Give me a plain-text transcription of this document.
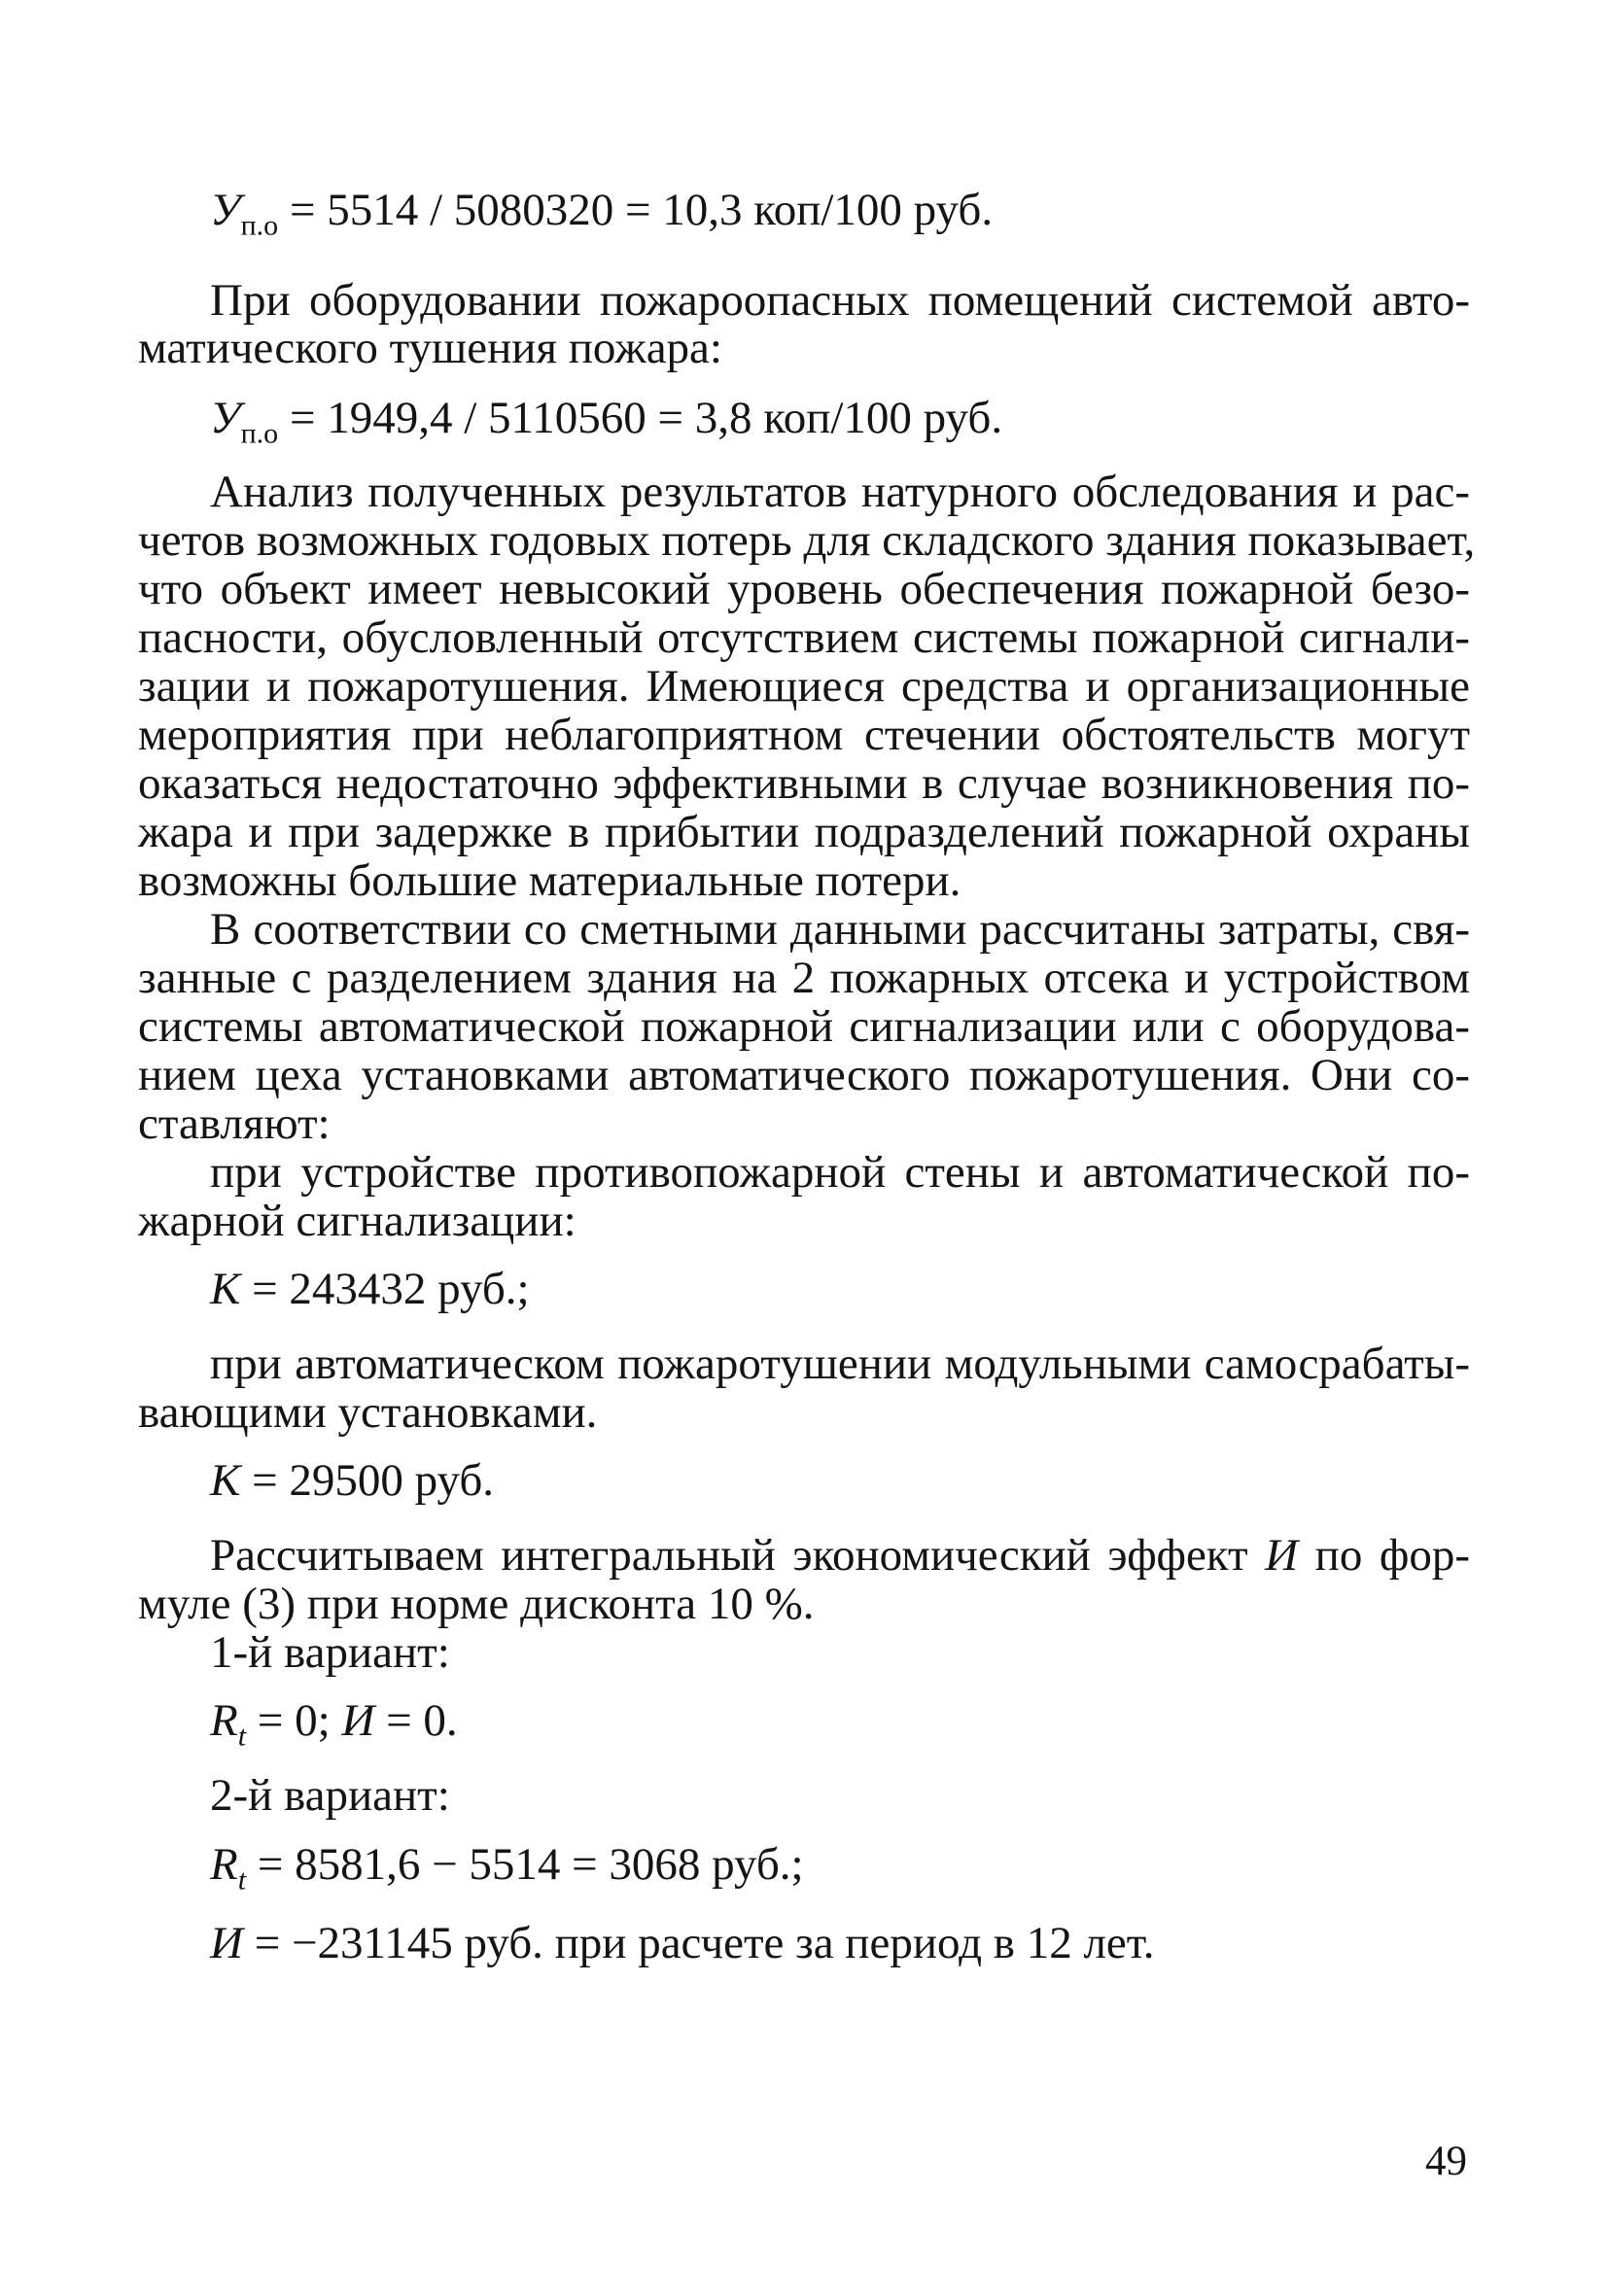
$У_{п.о} = 5514 / 5080320 = 10,3$ коп/100 руб.
При оборудовании пожароопасных помещений системой авто-
матического тушения пожара:
$У_{п.о} = 1949,4 / 5110560 = 3,8$ коп/100 руб.
Анализ полученных результатов натурного обследования и рас-
четов возможных годовых потерь для складского здания показывает,
что объект имеет невысокий уровень обеспечения пожарной безо-
пасности, обусловленный отсутствием системы пожарной сигнали-
зации и пожаротушения. Имеющиеся средства и организационные
мероприятия при неблагоприятном стечении обстоятельств могут
оказаться недостаточно эффективными в случае возникновения по-
жара и при задержке в прибытии подразделений пожарной охраны
возможны большие материальные потери.
В соответствии со сметными данными рассчитаны затраты, свя-
занные с разделением здания на 2 пожарных отсека и устройством
системы автоматической пожарной сигнализации или с оборудова-
нием цеха установками автоматического пожаротушения. Они со-
ставляют:
при устройстве противопожарной стены и автоматической по-
жарной сигнализации:
K = 243432 руб.;
при автоматическом пожаротушении модульными самосрабаты-
вающими установками.
K = 29500 руб.
Рассчитываем интегральный экономический эффект И по фор-
муле (3) при норме дисконта 10 %.
1-й вариант:
$R_t = 0$; И = 0.
2-й вариант:
$R_t = 8581,6 - 5514 = 3068$ руб.;
И = −231145 руб. при расчете за период в 12 лет.
49
